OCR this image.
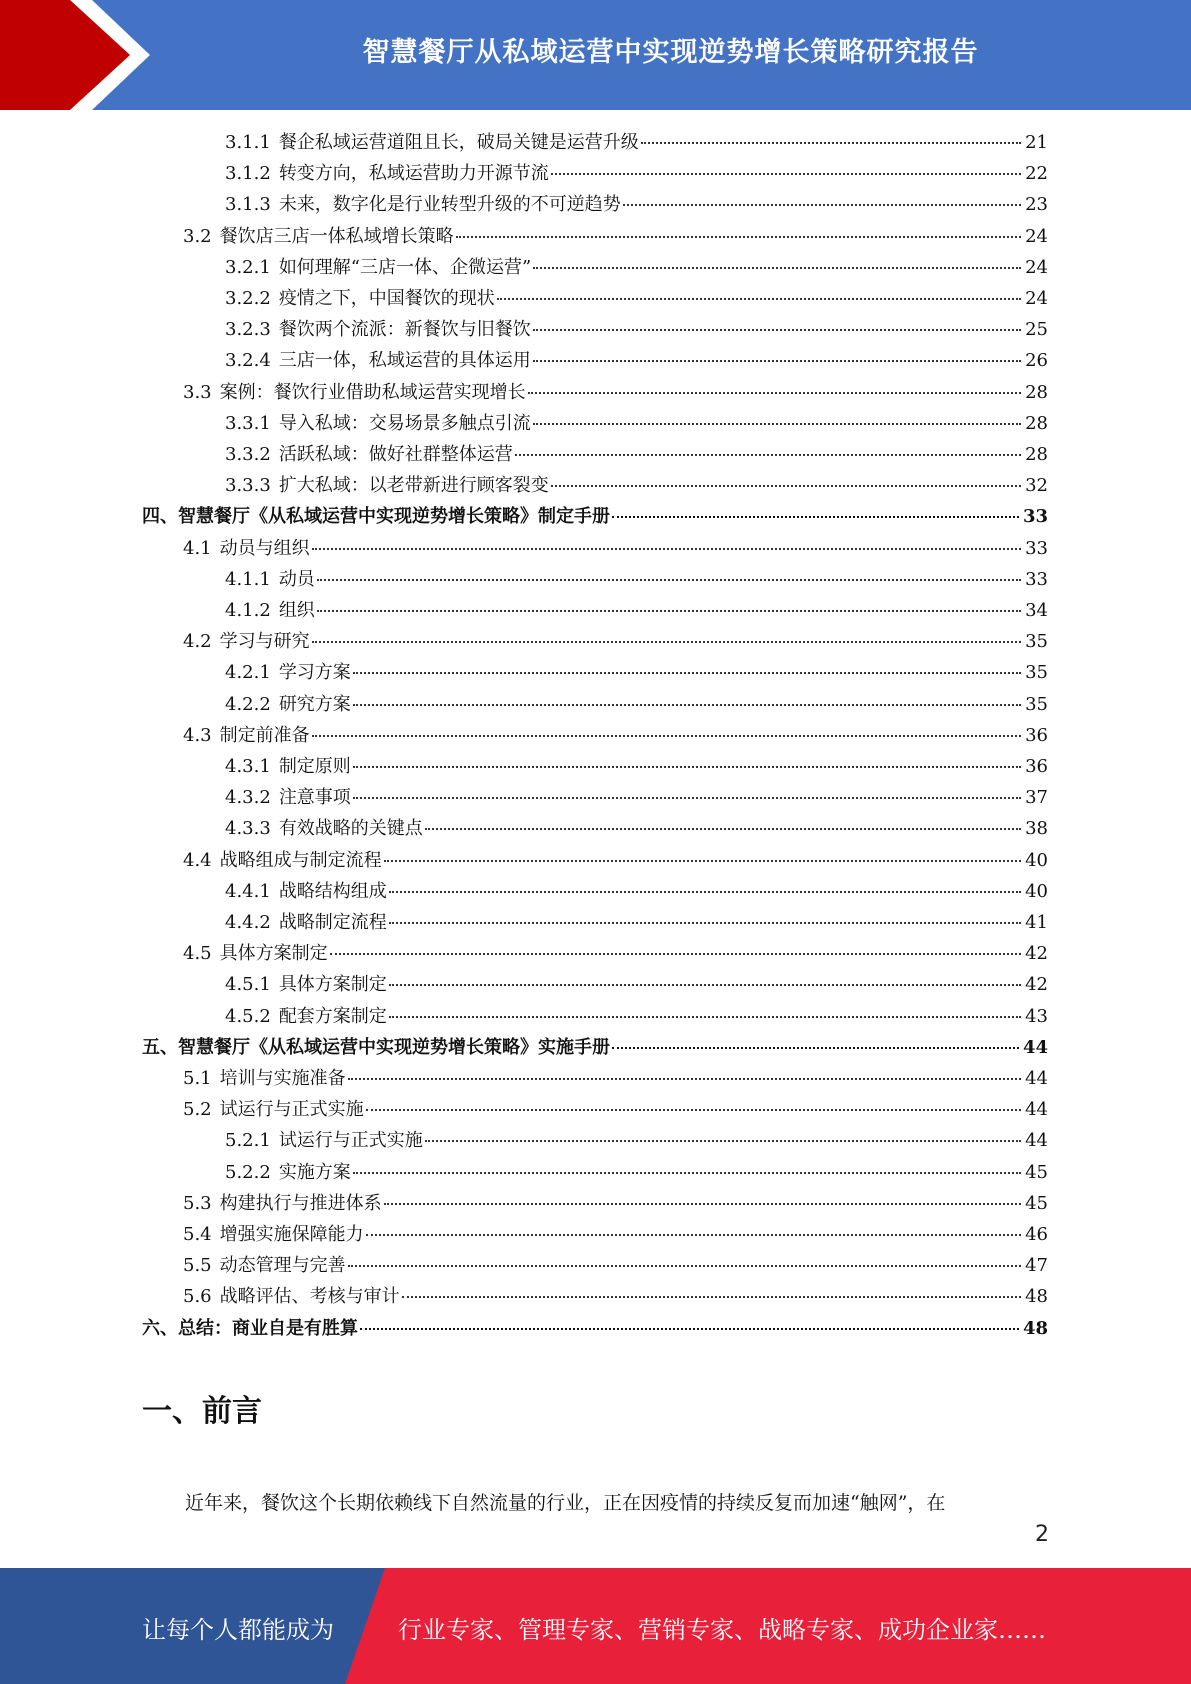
智慧餐厅从私域运营中实现逆势增长策略研究报告
3.1.1 餐企私域运营道阻且长，破局关键是运营升级	21
3.1.2 转变方向，私域运营助力开源节流	22
3.1.3 未来，数字化是行业转型升级的不可逆趋势	23
3.2 餐饮店三店一体私域增长策略	24
3.2.1 如何理解“三店一体、企微运营”	24
3.2.2 疫情之下，中国餐饮的现状	24
3.2.3 餐饮两个流派：新餐饮与旧餐饮	25
3.2.4 三店一体，私域运营的具体运用	26
3.3 案例：餐饮行业借助私域运营实现增长	28
3.3.1 导入私域：交易场景多触点引流	28
3.3.2 活跃私域：做好社群整体运营	28
3.3.3 扩大私域：以老带新进行顾客裂变	32
四、 智慧餐厅《从私域运营中实现逆势增长策略》制定手册	33
4.1 动员与组织	33
4.1.1 动员	33
4.1.2 组织	34
4.2 学习与研究	35
4.2.1 学习方案	35
4.2.2 研究方案	35
4.3 制定前准备	36
4.3.1 制定原则	36
4.3.2 注意事项	37
4.3.3 有效战略的关键点	38
4.4 战略组成与制定流程	40
4.4.1 战略结构组成	40
4.4.2 战略制定流程	41
4.5 具体方案制定	42
4.5.1 具体方案制定	42
4.5.2 配套方案制定	43
五、 智慧餐厅《从私域运营中实现逆势增长策略》实施手册	44
5.1 培训与实施准备	44
5.2 试运行与正式实施	44
5.2.1 试运行与正式实施	44
5.2.2 实施方案	45
5.3 构建执行与推进体系	45
5.4 增强实施保障能力	46
5.5 动态管理与完善	47
5.6 战略评估、考核与审计	48
六、 总结：商业自是有胜算	48
一、前言
近年来，餐饮这个长期依赖线下自然流量的行业，正在因疫情的持续反复而加速“触网”，在
2
让每个人都能成为	行业专家、管理专家、营销专家、战略专家、成功企业家……
